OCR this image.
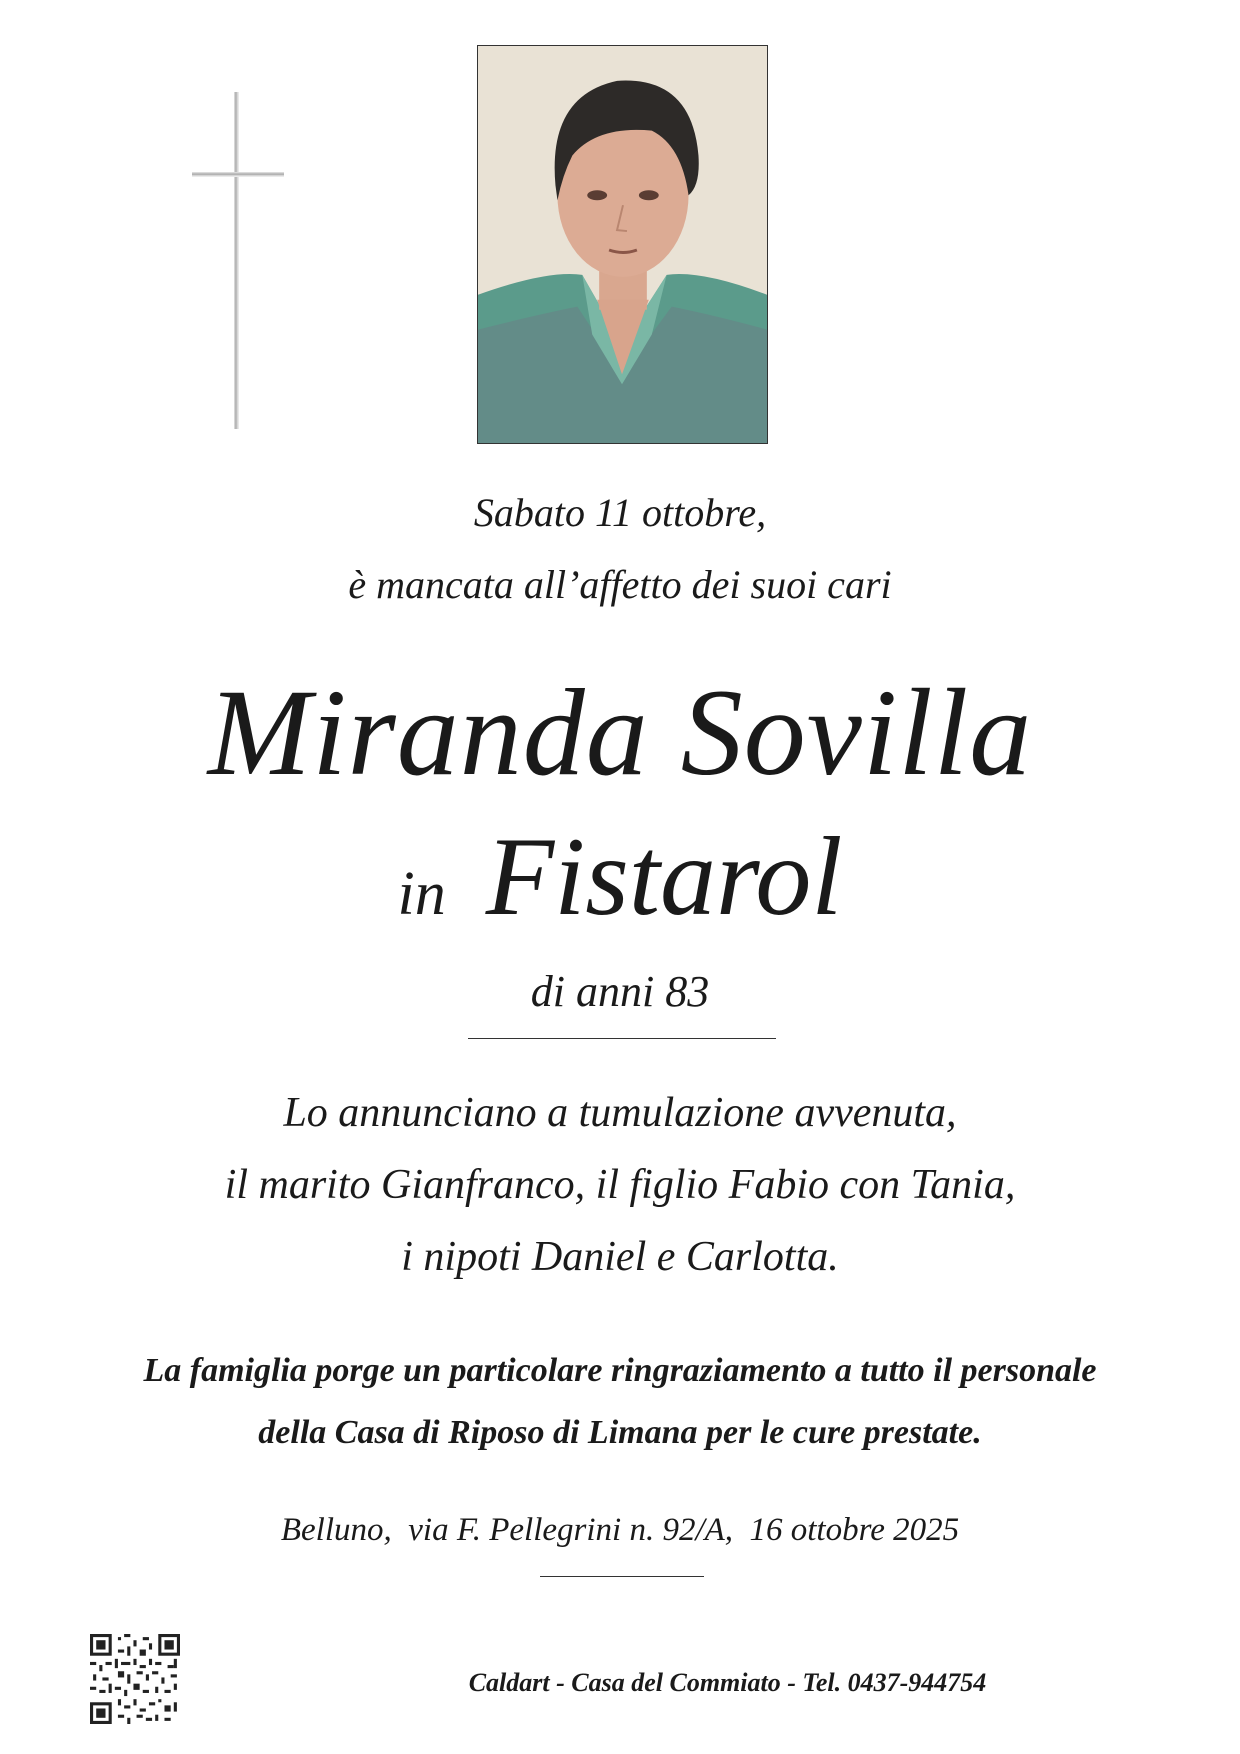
Sabato 11 ottobre,
è mancata all’affetto dei suoi cari
Miranda Sovilla
in Fistarol
di anni 83
Lo annunciano a tumulazione avvenuta,
il marito Gianfranco, il figlio Fabio con Tania,
i nipoti Daniel e Carlotta.
La famiglia porge un particolare ringraziamento a tutto il personale
della Casa di Riposo di Limana per le cure prestate.
Belluno,  via F. Pellegrini n. 92/A,  16 ottobre 2025
Caldart - Casa del Commiato - Tel. 0437-944754
